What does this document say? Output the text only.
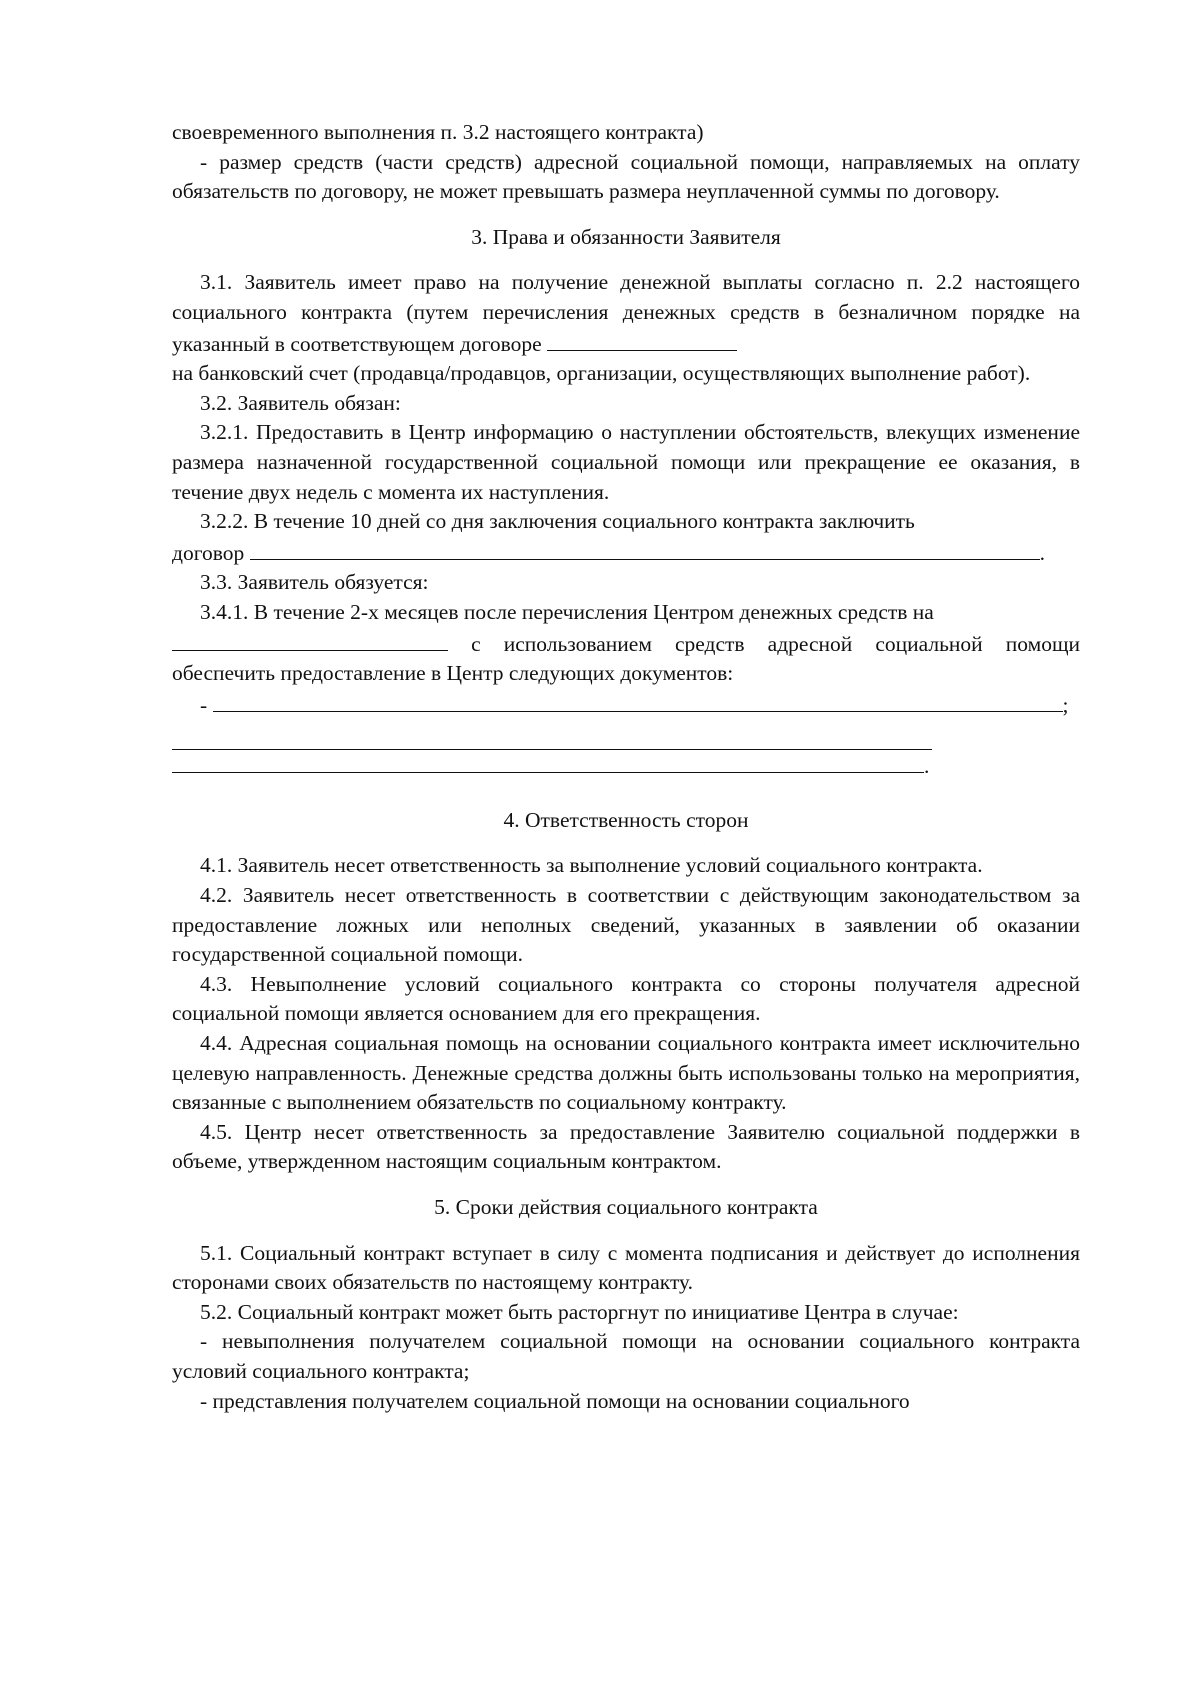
своевременного выполнения п. 3.2 настоящего контракта)

- размер средств (части средств) адресной социальной помощи, направляемых на оплату обязательств по договору, не может превышать размера неуплаченной суммы по договору.

3. Права и обязанности Заявителя

3.1. Заявитель имеет право на получение денежной выплаты согласно п. 2.2 настоящего социального контракта (путем перечисления денежных средств в безналичном порядке на указанный в соответствующем договоре

на банковский счет (продавца/продавцов, организации, осуществляющих выполнение работ).

3.2. Заявитель обязан:

3.2.1. Предоставить в Центр информацию о наступлении обстоятельств, влекущих изменение размера назначенной государственной социальной помощи или прекращение ее оказания, в течение двух недель с момента их наступления.

3.2.2. В течение 10 дней со дня заключения социального контракта заключить

договор	.

3.3. Заявитель обязуется:

3.4.1. В течение 2-х месяцев после перечисления Центром денежных средств на

с использованием средств адресной социальной помощи обеспечить предоставление в Центр следующих документов:

-	;

.
4. Ответственность сторон

4.1. Заявитель несет ответственность за выполнение условий социального контракта.

4.2. Заявитель несет ответственность в соответствии с действующим законодательством за предоставление ложных или неполных сведений, указанных в заявлении об оказании государственной социальной помощи.

4.3. Невыполнение условий социального контракта со стороны получателя адресной социальной помощи является основанием для его прекращения.

4.4. Адресная социальная помощь на основании социального контракта имеет исключительно целевую направленность. Денежные средства должны быть использованы только на мероприятия, связанные с выполнением обязательств по социальному контракту.

4.5. Центр несет ответственность за предоставление Заявителю социальной поддержки в объеме, утвержденном настоящим социальным контрактом.

5. Сроки действия социального контракта

5.1. Социальный контракт вступает в силу с момента подписания и действует до исполнения сторонами своих обязательств по настоящему контракту.

5.2. Социальный контракт может быть расторгнут по инициативе Центра в случае:

- невыполнения получателем социальной помощи на основании социального контракта условий социального контракта;

- представления получателем социальной помощи на основании социального
